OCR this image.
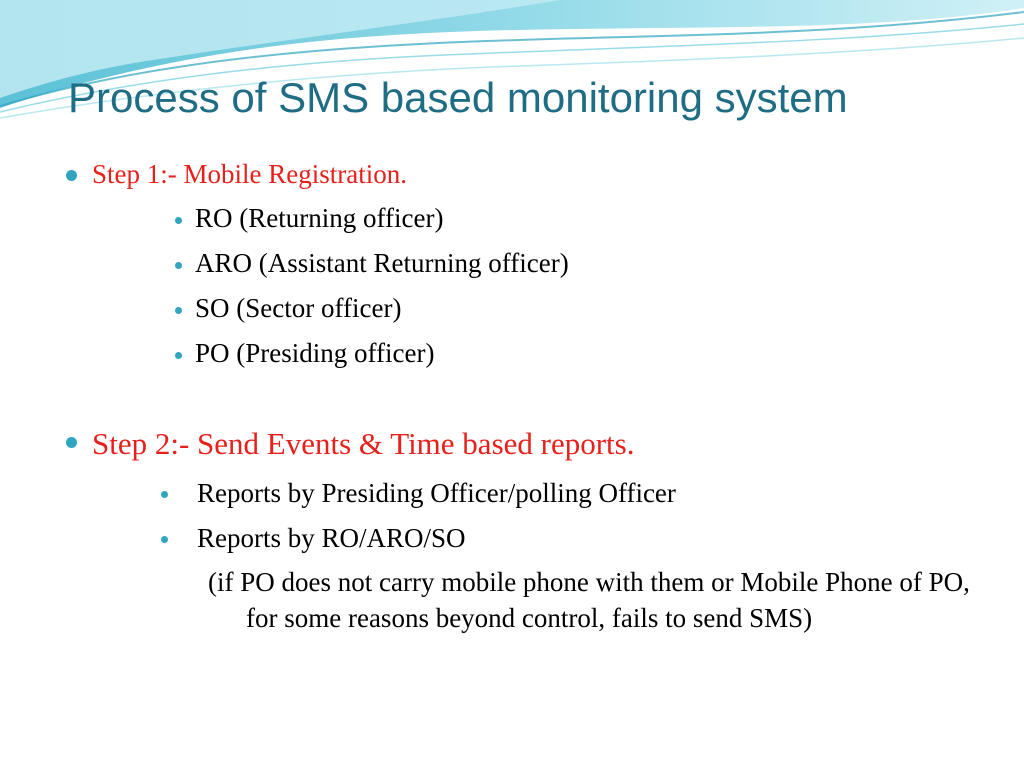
Process of SMS based monitoring system
Step 1:- Mobile Registration.
RO (Returning officer)
ARO (Assistant Returning officer)
SO (Sector officer)
PO (Presiding officer)
Step 2:- Send Events & Time based reports.
Reports by Presiding Officer/polling Officer
Reports by RO/ARO/SO
(if PO does not carry mobile phone with them or Mobile Phone of PO, for some reasons beyond control, fails to send SMS)
